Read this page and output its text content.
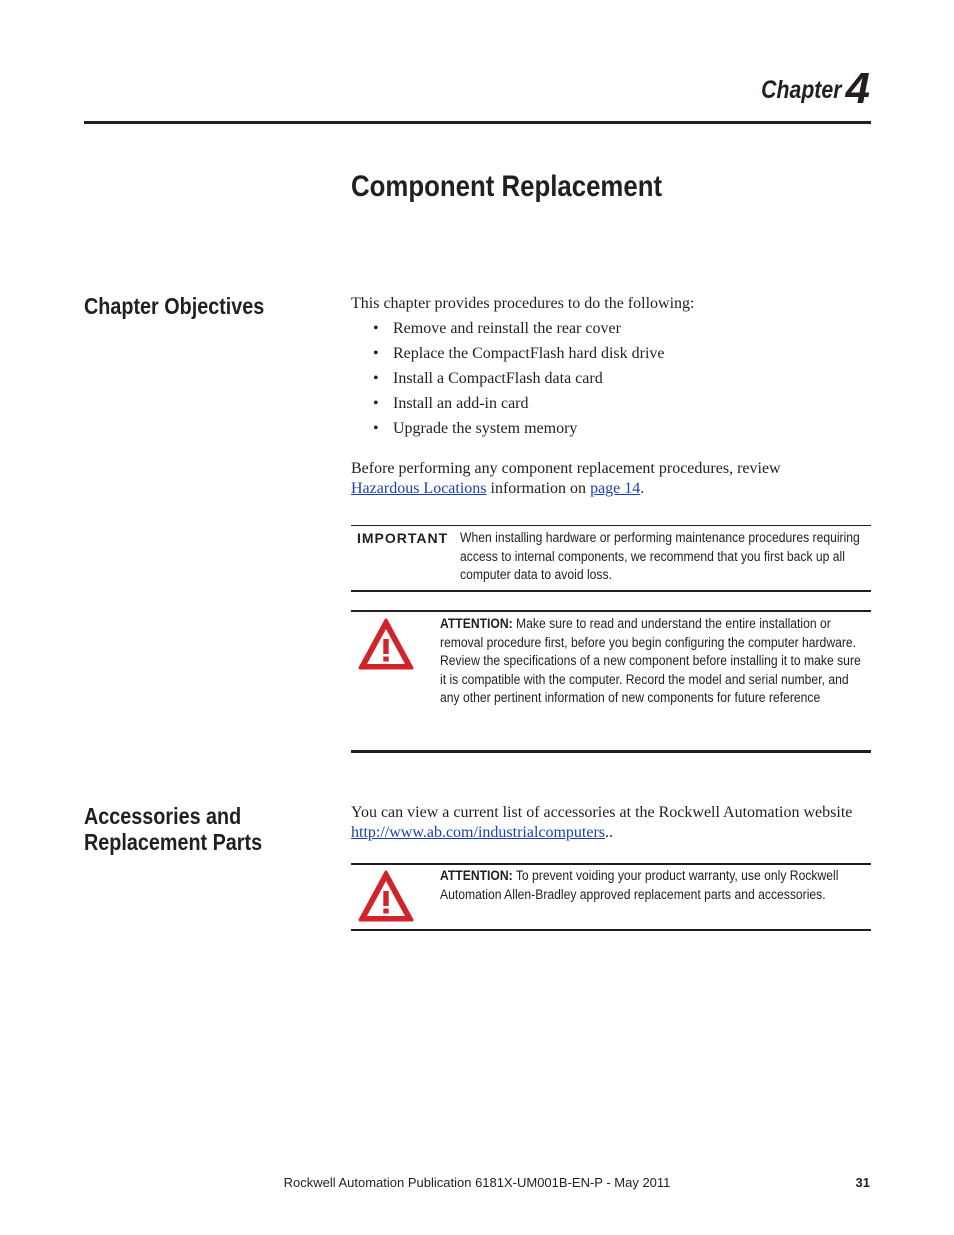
Chapter 4
Component Replacement
Chapter Objectives	This chapter provides procedures to do the following:
• Remove and reinstall the rear cover
• Replace the CompactFlash hard disk drive
• Install a CompactFlash data card
• Install an add-in card
• Upgrade the system memory
Before performing any component replacement procedures, review
Hazardous Locations information on page 14.
IMPORTANT When installing hardware or performing maintenance procedures requiring access to internal components, we recommend that you first back up all computer data to avoid loss.
ATTENTION: Make sure to read and understand the entire installation or removal procedure first, before you begin configuring the computer hardware.
Review the specifications of a new component before installing it to make sure it is compatible with the computer. Record the model and serial number, and any other pertinent information of new components for future reference
Accessories and
Replacement Parts
You can view a current list of accessories at the Rockwell Automation website
http://www.ab.com/industrialcomputers..
ATTENTION: To prevent voiding your product warranty, use only Rockwell Automation Allen-Bradley approved replacement parts and accessories.
Rockwell Automation Publication 6181X-UM001B-EN-P - May 2011	31
